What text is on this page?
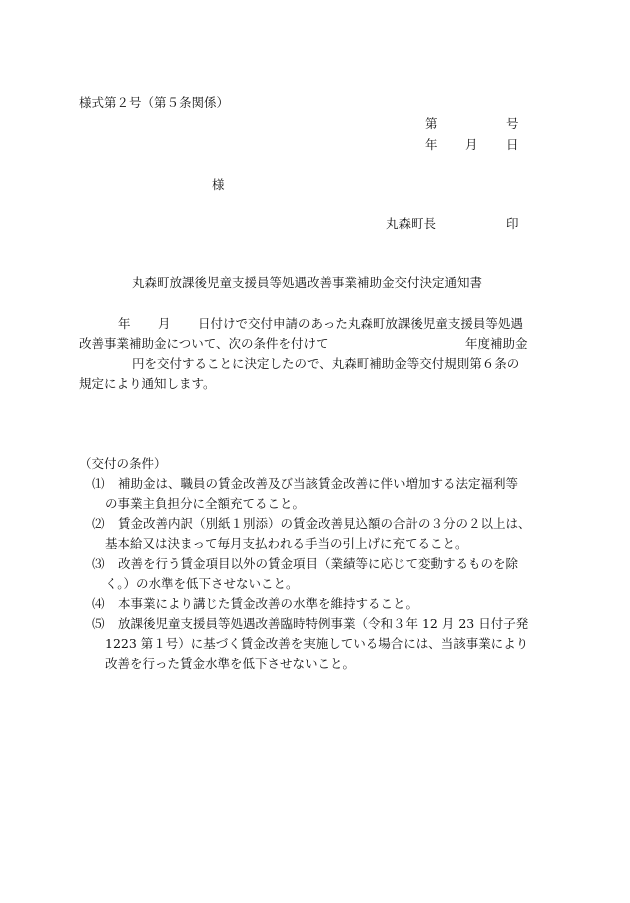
様式第２号（第５条関係）
第	号
年 月 日
様
丸森町長	印
丸森町放課後児童支援員等処遇改善事業補助金交付決定通知書
年 月 日付けで交付申請のあった丸森町放課後児童支援員等処遇
改善事業補助金について、次の条件を付けて	年度補助金
円を交付することに決定したので、丸森町補助金等交付規則第６条の
規定により通知します。
（交付の条件）
⑴ 補助金は、職員の賃金改善及び当該賃金改善に伴い増加する法定福利等
の事業主負担分に全額充てること。
⑵ 賃金改善内訳（別紙１別添）の賃金改善見込額の合計の３分の２以上は、
基本給又は決まって毎月支払われる手当の引上げに充てること。
⑶ 改善を行う賃金項目以外の賃金項目（業績等に応じて変動するものを除
く。）の水準を低下させないこと。
⑷ 本事業により講じた賃金改善の水準を維持すること。
⑸ 放課後児童支援員等処遇改善臨時特例事業（令和３年 12 月 23 日付子発
1223 第１号）に基づく賃金改善を実施している場合には、当該事業により
改善を行った賃金水準を低下させないこと。
